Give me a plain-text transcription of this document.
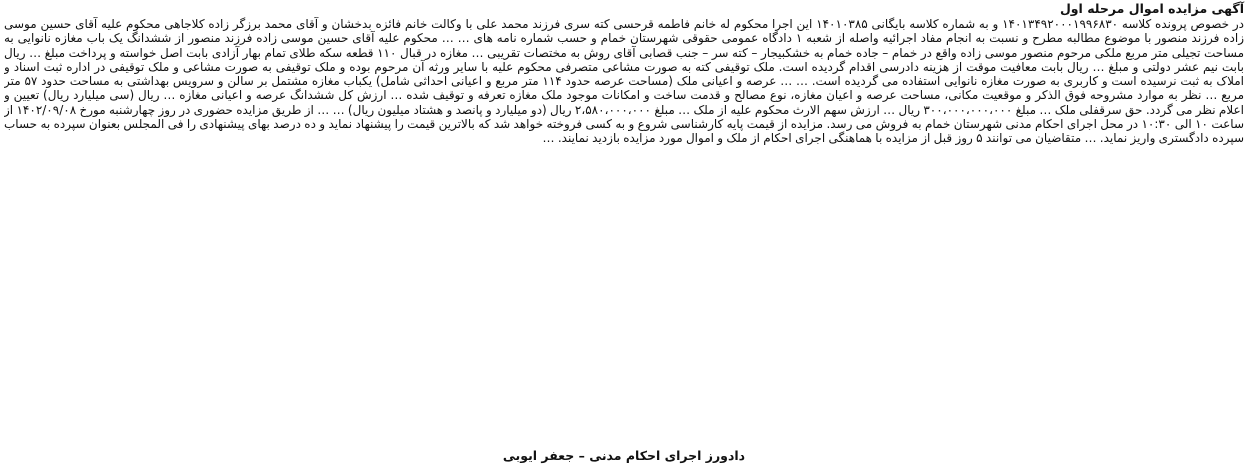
آگهی مزایده اموال مرحله اول

در خصوص پرونده کلاسه ۱۴۰۱۳۴۹۲۰۰۰۱۹۹۶۸۳۰ و به شماره کلاسه بایگانی ۱۴۰۱۰۳۸۵ این اجرا محکوم له خانم فاطمه قرحسی کته سری فرزند محمد علی با وکالت خانم فائزه بدخشان و آقای محمد برزگر زاده کلاجاهی محکوم علیه آقای حسین موسی زاده فرزند منصور با موضوع مطالبه مطرح و نسبت به انجام مفاد اجرائیه واصله از شعبه ۱ دادگاه عمومی حقوقی شهرستان خمام و حسب شماره نامه های …

… محکوم علیه آقای حسین موسی زاده فرزند منصور از ششدانگ یک باب مغازه نانوایی به مساحت تجیلی متر مربع ملکی مرحوم منصور موسی زاده واقع در خمام – جاده خمام به خشکبیجار – کته سر – جنب قصابی آقای روش به مختصات تقریبی … مغازه در قبال ۱۱۰ قطعه سکه طلای تمام بهار آزادی بابت اصل خواسته و پرداخت مبلغ … ریال بابت نیم عشر دولتی و مبلغ … ریال بابت معافیت موقت از هزینه دادرسی اقدام گردیده است. ملک توقیفی کته به صورت مشاعی متصرفی محکوم علیه با سایر ورثه آن مرحوم بوده و ملک توقیفی به صورت مشاعی و ملک توقیفی در اداره ثبت اسناد و املاک به ثبت نرسیده است و کاربری به صورت مغازه نانوایی استفاده می گردیده است. …

… عرصه و اعیانی ملک (مساحت عرصه حدود ۱۱۴ متر مربع و اعیانی احداثی شامل) یکباب مغازه مشتمل بر سالن و سرویس بهداشتی به مساحت حدود ۵۷ متر مربع … نظر به موارد مشروحه فوق الذکر و موقعیت مکانی، مساحت عرصه و اعیان مغازه، نوع مصالح و قدمت ساخت و امکانات موجود ملک مغازه تعرفه و توقیف شده … ارزش کل ششدانگ عرصه و اعیانی مغازه … ریال (سی میلیارد ریال) تعیین و اعلام نظر می گردد. حق سرقفلی ملک … مبلغ ۳۰۰،۰۰۰،۰۰۰،۰۰۰ ریال … ارزش سهم الارث محکوم علیه از ملک … مبلغ ۲،۵۸۰،۰۰۰،۰۰۰ ریال (دو میلیارد و پانصد و هشتاد میلیون ریال) …

… از طریق مزایده حضوری در روز چهارشنبه مورخ ۱۴۰۲/۰۹/۰۸ از ساعت ۱۰ الی ۱۰:۳۰ در محل اجرای احکام مدنی شهرستان خمام به فروش می رسد. مزایده از قیمت پایه کارشناسی شروع و به کسی فروخته خواهد شد که بالاترین قیمت را پیشنهاد نماید و ده درصد بهای پیشنهادی را فی المجلس بعنوان سپرده به حساب سپرده دادگستری واریز نماید. … متقاضیان می توانند ۵ روز قبل از مزایده با هماهنگی اجرای احکام از ملک و اموال مورد مزایده بازدید نمایند. …

دادورز اجرای احکام مدنی – جعفر ایوبی
